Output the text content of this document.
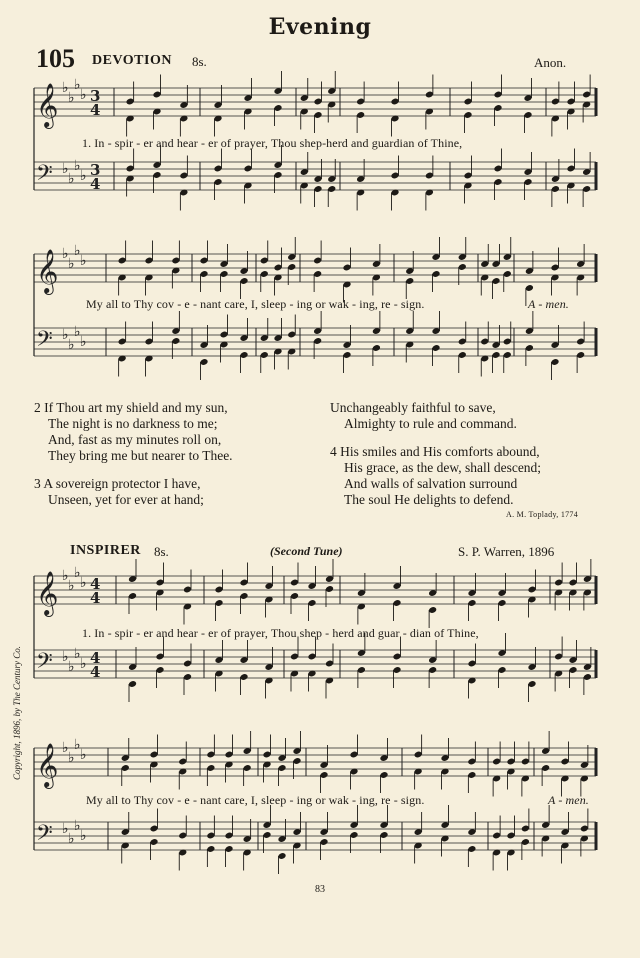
Evening
105 DEVOTION 8s.	Anon.
𝄞 ♭
♭
♭
♭
𝄢 ♭
♭
♭
♭
3
4
3
4
1. In - spir - er and hear - er of prayer, Thou shep-herd and guardian of Thine,
𝄞 ♭
♭
♭
♭
𝄢 ♭
♭
♭
♭
My all to Thy cov - e - nant care, I, sleep - ing or wak - ing, re - sign.	A - men.
2 If Thou art my shield and my sun,
The night is no darkness to me;
And, fast as my minutes roll on,
They bring me but nearer to Thee.
3 A sovereign protector I have,
Unseen, yet for ever at hand;
Unchangeably faithful to save,
Almighty to rule and command.
4 His smiles and His comforts abound,
His grace, as the dew, shall descend;
And walls of salvation surround
The soul He delights to defend.
A. M. Toplady, 1774
INSPIRER 8s.	(Second Tune)	S. P. Warren, 1896
𝄞 ♭
♭
♭
♭
𝄢 ♭
♭
♭
♭
4
4
4
4
1. In - spir - er and hear - er of prayer, Thou shep - herd and guar - dian of Thine,
𝄞 ♭
♭
♭
♭
𝄢 ♭
♭
♭
♭
My all to Thy cov - e - nant care, I, sleep - ing or wak - ing, re - sign.	A - men.
Copyright, 1896, by The Century Co.
83
